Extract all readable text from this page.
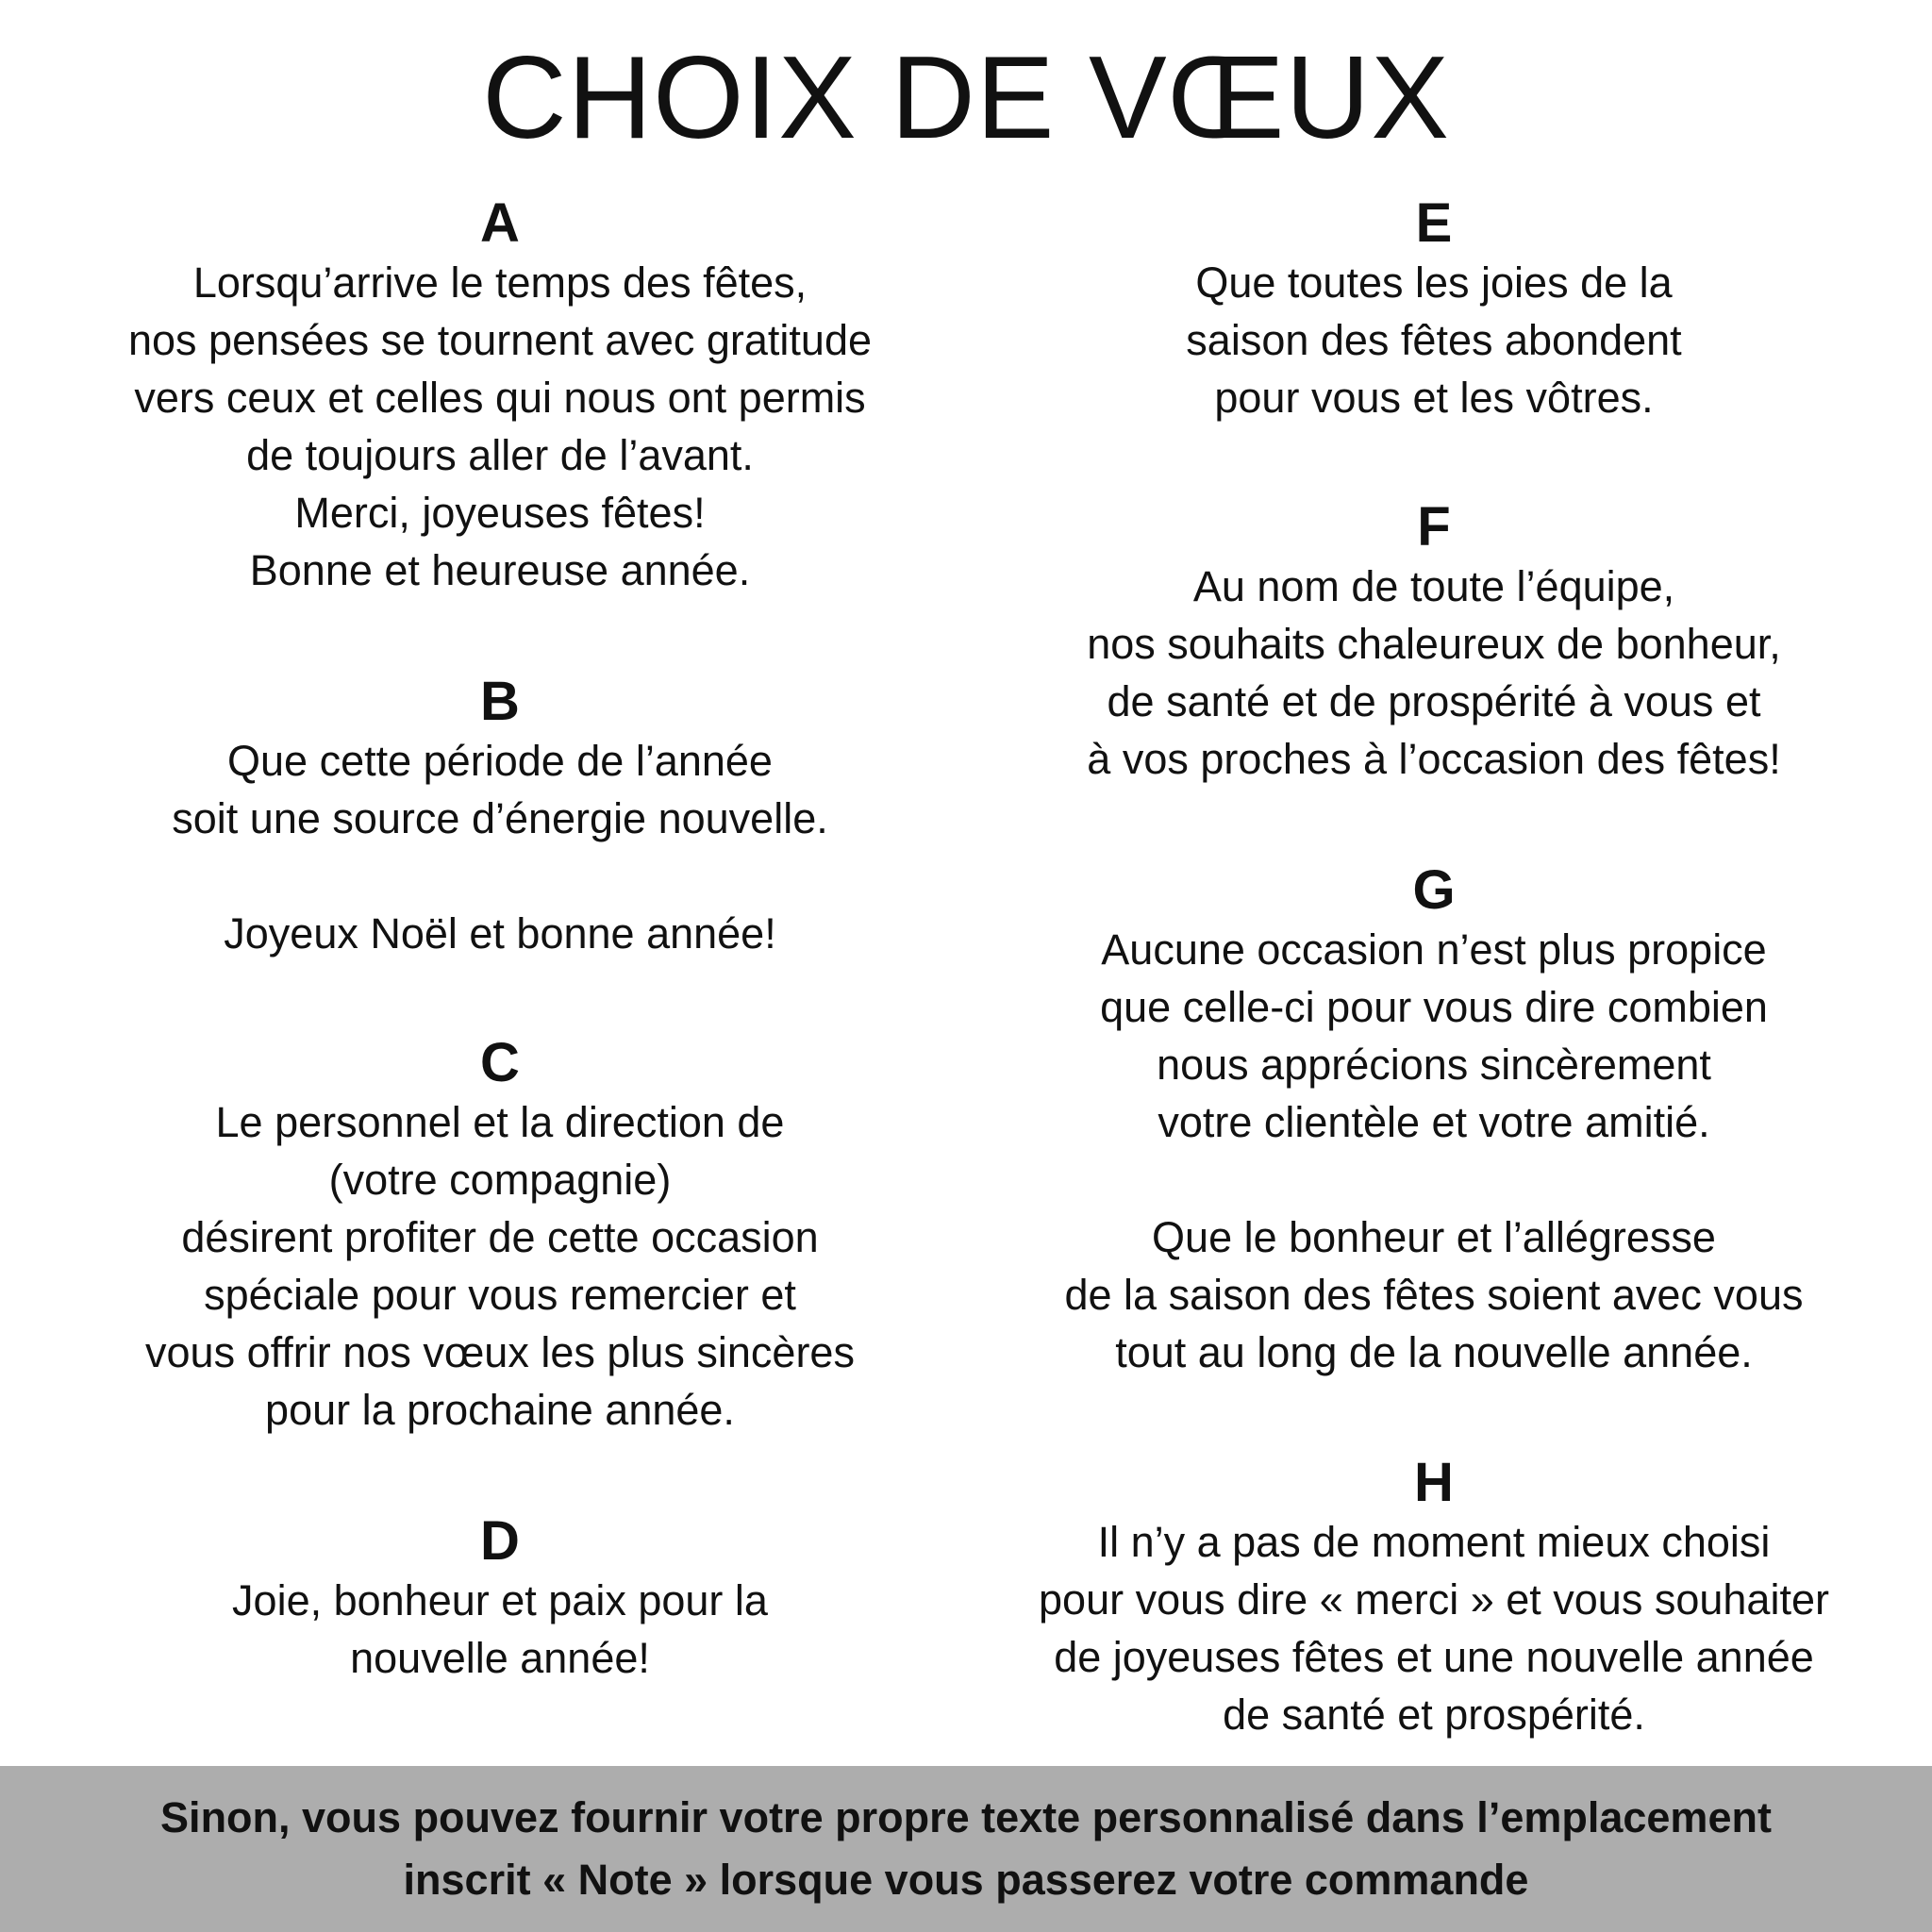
CHOIX DE VŒUX
A
Lorsqu’arrive le temps des fêtes,
nos pensées se tournent avec gratitude
vers ceux et celles qui nous ont permis
de toujours aller de l’avant.
Merci, joyeuses fêtes!
Bonne et heureuse année.
B
Que cette période de l’année
soit une source d’énergie nouvelle.
Joyeux Noël et bonne année!
C
Le personnel et la direction de
(votre compagnie)
désirent profiter de cette occasion
spéciale pour vous remercier et
vous offrir nos vœux les plus sincères
pour la prochaine année.
D
Joie, bonheur et paix pour la
nouvelle année!
E
Que toutes les joies de la
saison des fêtes abondent
pour vous et les vôtres.
F
Au nom de toute l’équipe,
nos souhaits chaleureux de bonheur,
de santé et de prospérité à vous et
à vos proches à l’occasion des fêtes!
G
Aucune occasion n’est plus propice
que celle-ci pour vous dire combien
nous apprécions sincèrement
votre clientèle et votre amitié.
Que le bonheur et l’allégresse
de la saison des fêtes soient avec vous
tout au long de la nouvelle année.
H
Il n’y a pas de moment mieux choisi
pour vous dire « merci » et vous souhaiter
de joyeuses fêtes et une nouvelle année
de santé et prospérité.
Sinon, vous pouvez fournir votre propre texte personnalisé dans l’emplacement
inscrit « Note » lorsque vous passerez votre commande
